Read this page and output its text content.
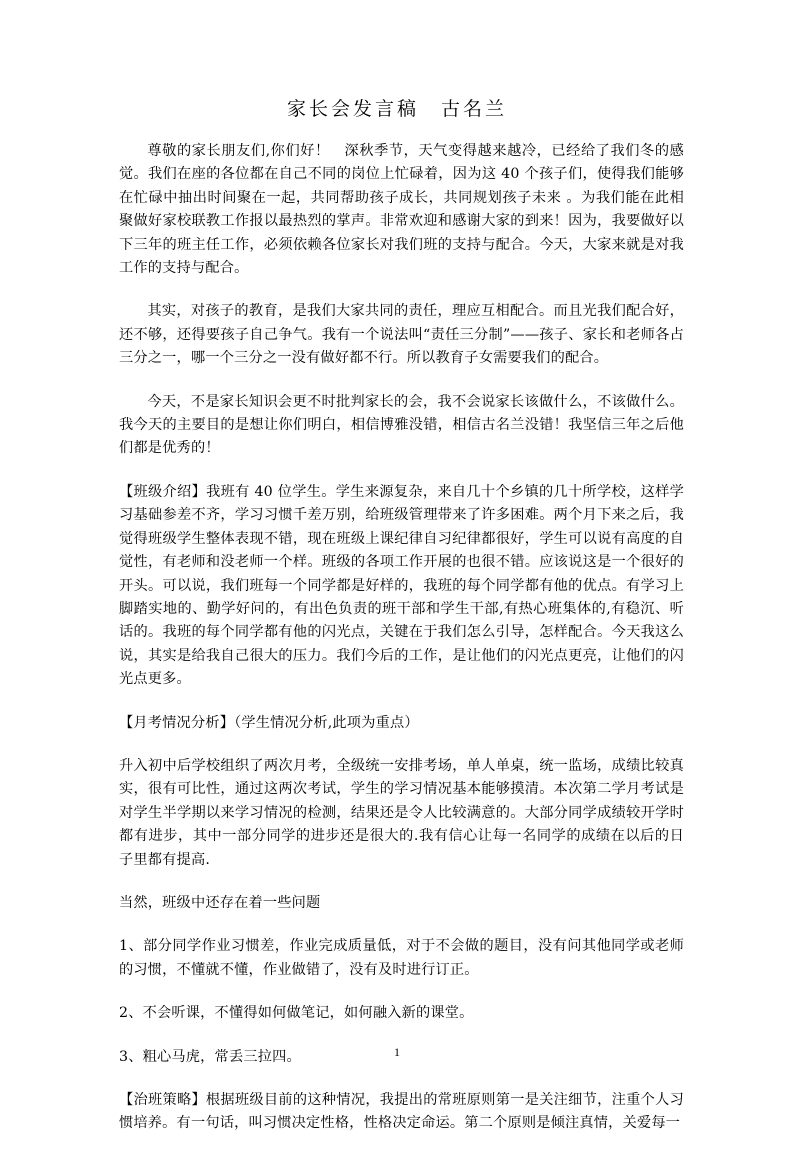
家长会发言稿　古名兰

尊敬的家长朋友们,你们好！　深秋季节，天气变得越来越冷，已经给了我们冬的感觉。我们在座的各位都在自己不同的岗位上忙碌着，因为这 40 个孩子们，使得我们能够在忙碌中抽出时间聚在一起，共同帮助孩子成长，共同规划孩子未来 。为我们能在此相聚做好家校联教工作报以最热烈的掌声。非常欢迎和感谢大家的到来！因为，我要做好以下三年的班主任工作，必须依赖各位家长对我们班的支持与配合。今天，大家来就是对我工作的支持与配合。

其实，对孩子的教育，是我们大家共同的责任，理应互相配合。而且光我们配合好，还不够，还得要孩子自己争气。我有一个说法叫“责任三分制”——孩子、家长和老师各占三分之一，哪一个三分之一没有做好都不行。所以教育子女需要我们的配合。

今天，不是家长知识会更不时批判家长的会，我不会说家长该做什么，不该做什么。我今天的主要目的是想让你们明白，相信博雅没错，相信古名兰没错！我坚信三年之后他们都是优秀的！

【班级介绍】我班有 40 位学生。学生来源复杂，来自几十个乡镇的几十所学校，这样学习基础参差不齐，学习习惯千差万别，给班级管理带来了许多困难。两个月下来之后，我觉得班级学生整体表现不错，现在班级上课纪律自习纪律都很好，学生可以说有高度的自觉性，有老师和没老师一个样。班级的各项工作开展的也很不错。应该说这是一个很好的开头。可以说，我们班每一个同学都是好样的，我班的每个同学都有他的优点。有学习上脚踏实地的、勤学好问的，有出色负责的班干部和学生干部,有热心班集体的,有稳沉、听话的。我班的每个同学都有他的闪光点，关键在于我们怎么引导，怎样配合。今天我这么说，其实是给我自己很大的压力。我们今后的工作，是让他们的闪光点更亮，让他们的闪光点更多。

【月考情况分析】（学生情况分析,此项为重点）

升入初中后学校组织了两次月考，全级统一安排考场，单人单桌，统一监场，成绩比较真实，很有可比性，通过这两次考试，学生的学习情况基本能够摸清。本次第二学月考试是对学生半学期以来学习情况的检测，结果还是令人比较满意的。大部分同学成绩较开学时都有进步，其中一部分同学的进步还是很大的.我有信心让每一名同学的成绩在以后的日子里都有提高.

当然，班级中还存在着一些问题

1、部分同学作业习惯差，作业完成质量低，对于不会做的题目，没有问其他同学或老师的习惯，不懂就不懂，作业做错了，没有及时进行订正。

2、不会听课，不懂得如何做笔记，如何融入新的课堂。

3、粗心马虎，常丢三拉四。

【治班策略】根据班级目前的这种情况，我提出的常班原则第一是关注细节，注重个人习惯培养。有一句话，叫习惯决定性格，性格决定命运。第二个原则是倾注真情，关爱每一

1
